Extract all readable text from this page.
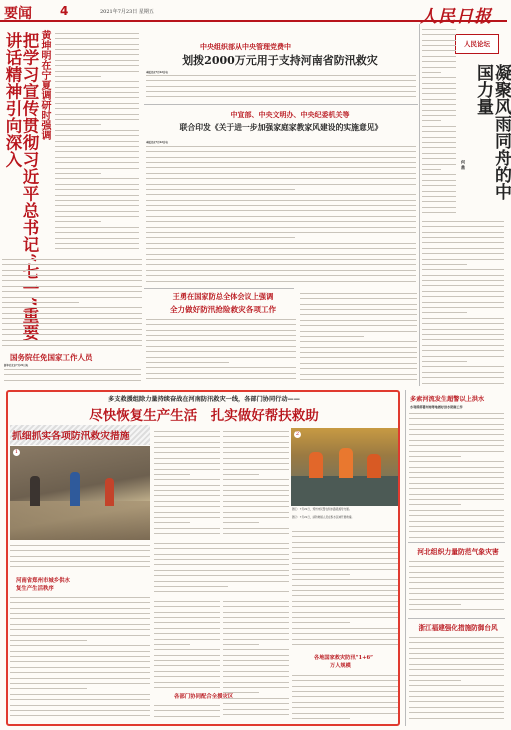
要闻 4	2021年7月23日 星期五	人民日报
黄坤明在宁夏调研时强调
把学习宣传贯彻习近平总书记“七一”重要讲话精神引向深入
国务院任免国家工作人员
新华社北京7月22日电
中央组织部从中央管理党费中
划拨2000万元用于支持河南省防汛救灾
本报北京7月22日电
中宣部、中央文明办、中央纪委机关等
联合印发《关于进一步加强家庭家教家风建设的实施意见》
本报北京7月22日电
王勇在国家防总全体会议上强调
全力做好防汛抢险救灾各项工作
人民论坛
凝聚风雨同舟的中国力量
何 鼎
多支救援组除力量持续奋战在河南防汛救灾一线，各部门协同行动——
尽快恢复生产生活　扎实做好帮扶救助
抓细抓实各项防汛救灾措施
1
2
图①：7月22日，郑州市民警在积水路段疏导交通。
图②：7月22日，消防救援人员在积水区域开展救援。
河南省郑州市城乡供水
复生产生活秩序
各部门协同配合全援灾区
各地国家救灾防汛“1+6”
万人规模
多索河流发生超警以上洪水
水利部部署河南等地做好洪水防御工作
河北组织力量防范气象灾害
浙江福建强化措施防御台风
